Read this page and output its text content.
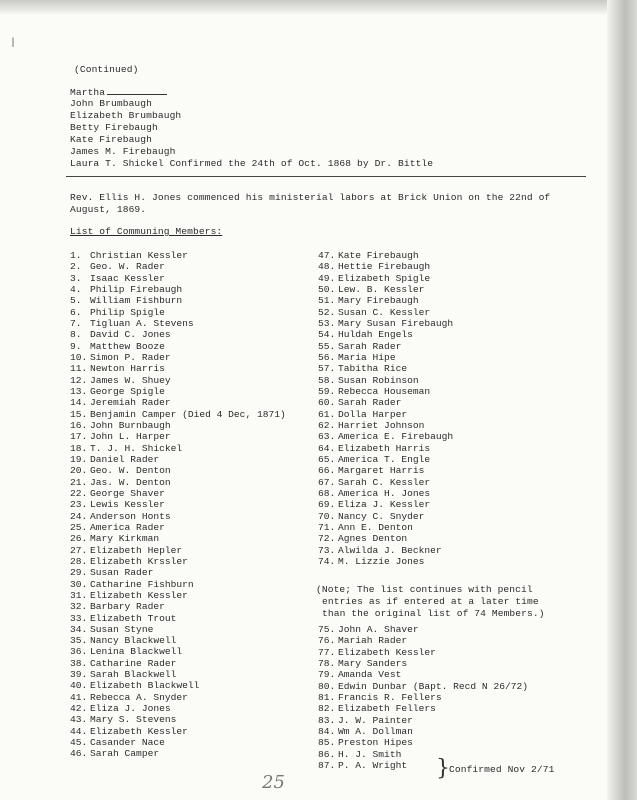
|
(Continued)
Martha
John Brumbaugh
Elizabeth Brumbaugh
Betty Firebaugh
Kate Firebaugh
James M. Firebaugh
Laura T. Shickel Confirmed the 24th of Oct. 1868 by Dr. Bittle
Rev. Ellis H. Jones commenced his ministerial labors at Brick Union on the 22nd of
August, 1869.
List of Communing Members:
1. Christian Kessler
2. Geo. W. Rader
3. Isaac Kessler
4. Philip Firebaugh
5. William Fishburn
6. Philip Spigle
7. Tigluan A. Stevens
8. David C. Jones
9. Matthew Booze
10. Simon P. Rader
11. Newton Harris
12. James W. Shuey
13. George Spigle
14. Jeremiah Rader
15. Benjamin Camper (Died 4 Dec, 1871)
16. John Burnbaugh
17. John L. Harper
18. T. J. H. Shickel
19. Daniel Rader
20. Geo. W. Denton
21. Jas. W. Denton
22. George Shaver
23. Lewis Kessler
24. Anderson Honts
25. America Rader
26. Mary Kirkman
27. Elizabeth Hepler
28. Elizabeth Krssler
29. Susan Rader
30. Catharine Fishburn
31. Elizabeth Kessler
32. Barbary Rader
33. Elizabeth Trout
34. Susan Styne
35. Nancy Blackwell
36. Lenina Blackwell
38. Catharine Rader
39. Sarah Blackwell
40. Elizabeth Blackwell
41. Rebecca A. Snyder
42. Eliza J. Jones
43. Mary S. Stevens
44. Elizabeth Kessler
45. Casander Nace
46. Sarah Camper
47. Kate Firebaugh
48. Hettie Firebaugh
49. Elizabeth Spigle
50. Lew. B. Kessler
51. Mary Firebaugh
52. Susan C. Kessler
53. Mary Susan Firebaugh
54. Huldah Engels
55. Sarah Rader
56. Maria Hipe
57. Tabitha Rice
58. Susan Robinson
59. Rebecca Houseman
60. Sarah Rader
61. Dolla Harper
62. Harriet Johnson
63. America E. Firebaugh
64. Elizabeth Harris
65. America T. Engle
66. Margaret Harris
67. Sarah C. Kessler
68. America H. Jones
69. Eliza J. Kessler
70. Nancy C. Snyder
71. Ann E. Denton
72. Agnes Denton
73. Alwilda J. Beckner
74. M. Lizzie Jones
(Note; The list continues with pencil
entries as if entered at a later time
than the original list of 74 Members.)
75. John A. Shaver
76. Mariah Rader
77. Elizabeth Kessler
78. Mary Sanders
79. Amanda Vest
80. Edwin Dunbar (Bapt. Recd N 26/72)
81. Francis R. Fellers
82. Elizabeth Fellers
83. J. W. Painter
84. Wm A. Dollman
85. Preston Hipes
86. H. J. Smith
87. P. A. Wright } Confirmed Nov 2/71
25
